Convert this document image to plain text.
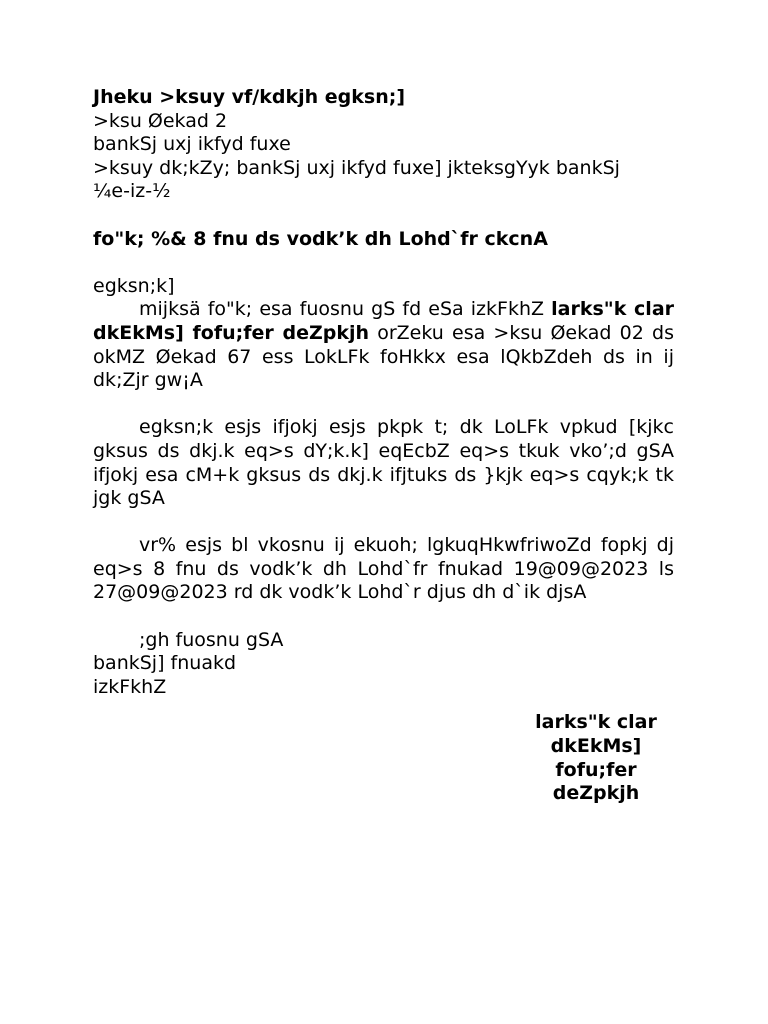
Jheku >ksuy vf/kdkjh egksn;]
>ksu Øekad 2
bankSj uxj ikfyd fuxe
>ksuy dk;kZy; bankSj uxj ikfyd fuxe] jkteksgYyk bankSj
¼e-iz-½
fo"k; %& 8 fnu ds vodk’k dh Lohd`fr ckcnA
egksn;k]
mijksä fo"k; esa fuosnu gS fd eSa izkFkhZ larks"k clar dkEkMs] fofu;fer deZpkjh orZeku esa >ksu Øekad 02 ds okMZ Øekad 67 ess LokLFk foHkkx esa lQkbZdeh ds in ij dk;Zjr gw¡A
egksn;k esjs ifjokj esjs pkpk t; dk LoLFk vpkud [kjkc gksus ds dkj.k eq>s dY;k.k] eqEcbZ eq>s tkuk vko’;d gSA ifjokj esa cM+k gksus ds dkj.k ifjtuks ds }kjk eq>s cqyk;k tk jgk gSA
vr% esjs bl vkosnu ij ekuoh; lgkuqHkwfriwoZd fopkj dj eq>s 8 fnu ds vodk’k dh Lohd`fr fnukad 19@09@2023 ls 27@09@2023 rd dk vodk’k Lohd`r djus dh d`ik djsA
;gh fuosnu gSA
bankSj] fnuakd
izkFkhZ
larks"k clar
dkEkMs]
fofu;fer
deZpkjh
